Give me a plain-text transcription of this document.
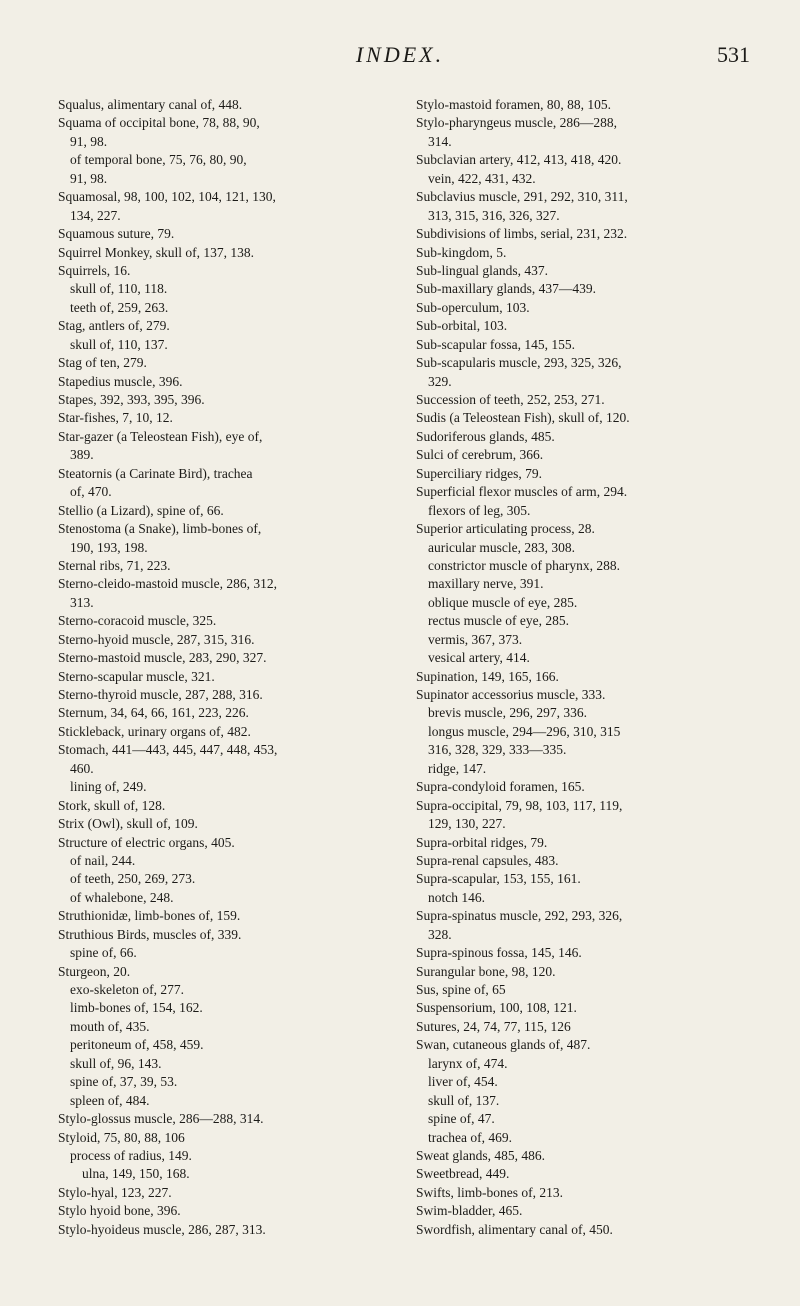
INDEX.	531
Squalus, alimentary canal of, 448.
Squama of occipital bone, 78, 88, 90,
91, 98.
of temporal bone, 75, 76, 80, 90,
91, 98.
Squamosal, 98, 100, 102, 104, 121, 130,
134, 227.
Squamous suture, 79.
Squirrel Monkey, skull of, 137, 138.
Squirrels, 16.
skull of, 110, 118.
teeth of, 259, 263.
Stag, antlers of, 279.
skull of, 110, 137.
Stag of ten, 279.
Stapedius muscle, 396.
Stapes, 392, 393, 395, 396.
Star-fishes, 7, 10, 12.
Star-gazer (a Teleostean Fish), eye of,
389.
Steatornis (a Carinate Bird), trachea
of, 470.
Stellio (a Lizard), spine of, 66.
Stenostoma (a Snake), limb-bones of,
190, 193, 198.
Sternal ribs, 71, 223.
Sterno-cleido-mastoid muscle, 286, 312,
313.
Sterno-coracoid muscle, 325.
Sterno-hyoid muscle, 287, 315, 316.
Sterno-mastoid muscle, 283, 290, 327.
Sterno-scapular muscle, 321.
Sterno-thyroid muscle, 287, 288, 316.
Sternum, 34, 64, 66, 161, 223, 226.
Stickleback, urinary organs of, 482.
Stomach, 441—443, 445, 447, 448, 453,
460.
lining of, 249.
Stork, skull of, 128.
Strix (Owl), skull of, 109.
Structure of electric organs, 405.
of nail, 244.
of teeth, 250, 269, 273.
of whalebone, 248.
Struthionidæ, limb-bones of, 159.
Struthious Birds, muscles of, 339.
spine of, 66.
Sturgeon, 20.
exo-skeleton of, 277.
limb-bones of, 154, 162.
mouth of, 435.
peritoneum of, 458, 459.
skull of, 96, 143.
spine of, 37, 39, 53.
spleen of, 484.
Stylo-glossus muscle, 286—288, 314.
Styloid, 75, 80, 88, 106
process of radius, 149.
ulna, 149, 150, 168.
Stylo-hyal, 123, 227.
Stylo hyoid bone, 396.
Stylo-hyoideus muscle, 286, 287, 313.
Stylo-mastoid foramen, 80, 88, 105.
Stylo-pharyngeus muscle, 286—288,
314.
Subclavian artery, 412, 413, 418, 420.
vein, 422, 431, 432.
Subclavius muscle, 291, 292, 310, 311,
313, 315, 316, 326, 327.
Subdivisions of limbs, serial, 231, 232.
Sub-kingdom, 5.
Sub-lingual glands, 437.
Sub-maxillary glands, 437—439.
Sub-operculum, 103.
Sub-orbital, 103.
Sub-scapular fossa, 145, 155.
Sub-scapularis muscle, 293, 325, 326,
329.
Succession of teeth, 252, 253, 271.
Sudis (a Teleostean Fish), skull of, 120.
Sudoriferous glands, 485.
Sulci of cerebrum, 366.
Superciliary ridges, 79.
Superficial flexor muscles of arm, 294.
flexors of leg, 305.
Superior articulating process, 28.
auricular muscle, 283, 308.
constrictor muscle of pharynx, 288.
maxillary nerve, 391.
oblique muscle of eye, 285.
rectus muscle of eye, 285.
vermis, 367, 373.
vesical artery, 414.
Supination, 149, 165, 166.
Supinator accessorius muscle, 333.
brevis muscle, 296, 297, 336.
longus muscle, 294—296, 310, 315
316, 328, 329, 333—335.
ridge, 147.
Supra-condyloid foramen, 165.
Supra-occipital, 79, 98, 103, 117, 119,
129, 130, 227.
Supra-orbital ridges, 79.
Supra-renal capsules, 483.
Supra-scapular, 153, 155, 161.
notch 146.
Supra-spinatus muscle, 292, 293, 326,
328.
Supra-spinous fossa, 145, 146.
Surangular bone, 98, 120.
Sus, spine of, 65
Suspensorium, 100, 108, 121.
Sutures, 24, 74, 77, 115, 126
Swan, cutaneous glands of, 487.
larynx of, 474.
liver of, 454.
skull of, 137.
spine of, 47.
trachea of, 469.
Sweat glands, 485, 486.
Sweetbread, 449.
Swifts, limb-bones of, 213.
Swim-bladder, 465.
Swordfish, alimentary canal of, 450.
